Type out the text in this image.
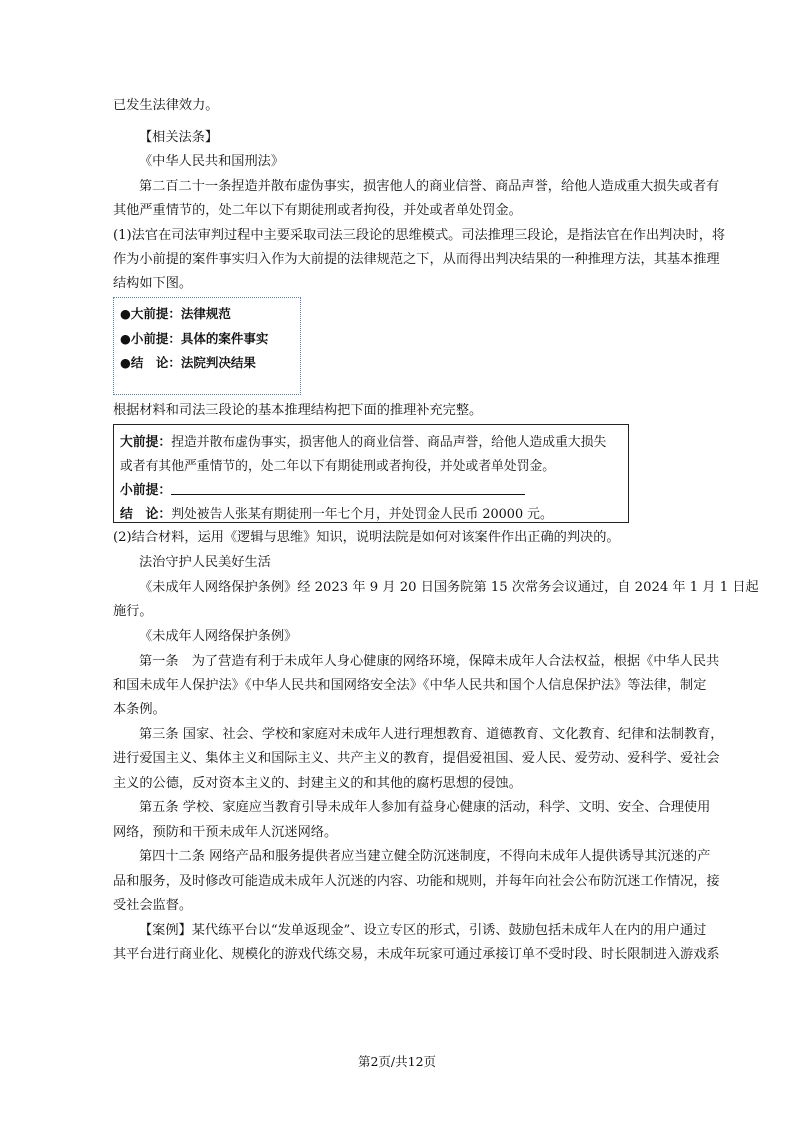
已发生法律效力。
【相关法条】
《中华人民共和国刑法》
第二百二十一条捏造并散布虚伪事实，损害他人的商业信誉、商品声誉，给他人造成重大损失或者有
其他严重情节的，处二年以下有期徒刑或者拘役，并处或者单处罚金。
(1)法官在司法审判过程中主要采取司法三段论的思维模式。司法推理三段论，是指法官在作出判决时，将
作为小前提的案件事实归入作为大前提的法律规范之下，从而得出判决结果的一种推理方法，其基本推理
结构如下图。
●大前提：法律规范
●小前提：具体的案件事实
●结　论：法院判决结果
根据材料和司法三段论的基本推理结构把下面的推理补充完整。
大前提：捏造并散布虚伪事实，损害他人的商业信誉、商品声誉，给他人造成重大损失
或者有其他严重情节的，处二年以下有期徒刑或者拘役，并处或者单处罚金。
小前提：
结　论：判处被告人张某有期徒刑一年七个月，并处罚金人民币 20000 元。
(2)结合材料，运用《逻辑与思维》知识，说明法院是如何对该案件作出正确的判决的。
法治守护人民美好生活
《未成年人网络保护条例》经 2023 年 9 月 20 日国务院第 15 次常务会议通过，自 2024 年 1 月 1 日起
施行。
《未成年人网络保护条例》
第一条　为了营造有利于未成年人身心健康的网络环境，保障未成年人合法权益，根据《中华人民共
和国未成年人保护法》《中华人民共和国网络安全法》《中华人民共和国个人信息保护法》等法律，制定
本条例。
第三条 国家、社会、学校和家庭对未成年人进行理想教育、道德教育、文化教育、纪律和法制教育，
进行爱国主义、集体主义和国际主义、共产主义的教育，提倡爱祖国、爱人民、爱劳动、爱科学、爱社会
主义的公德，反对资本主义的、封建主义的和其他的腐朽思想的侵蚀。
第五条 学校、家庭应当教育引导未成年人参加有益身心健康的活动，科学、文明、安全、合理使用
网络，预防和干预未成年人沉迷网络。
第四十二条 网络产品和服务提供者应当建立健全防沉迷制度，不得向未成年人提供诱导其沉迷的产
品和服务，及时修改可能造成未成年人沉迷的内容、功能和规则，并每年向社会公布防沉迷工作情况，接
受社会监督。
【案例】某代练平台以“发单返现金”、设立专区的形式，引诱、鼓励包括未成年人在内的用户通过
其平台进行商业化、规模化的游戏代练交易，未成年玩家可通过承接订单不受时段、时长限制进入游戏系
第2页/共12页
